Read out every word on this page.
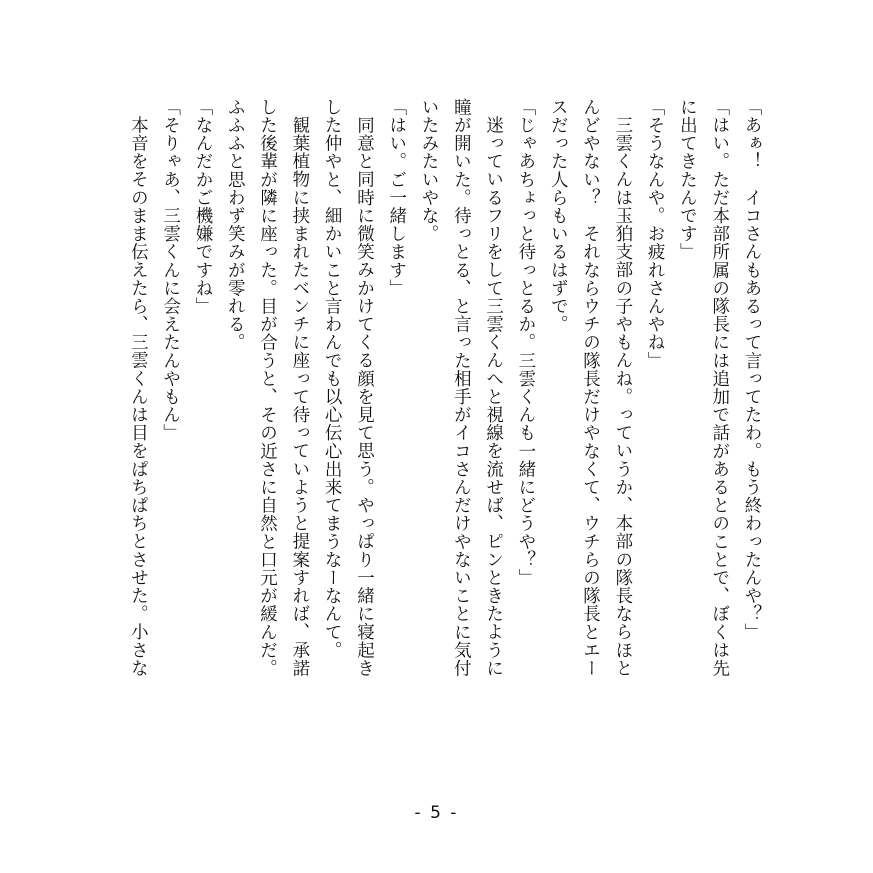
「あぁ！　イコさんもあるって言ってたわ。もう終わったんや？」
「はい。ただ本部所属の隊長には追加で話があるとのことで、ぼくは先
に出てきたんです」
「そうなんや。お疲れさんやね」
三雲くんは玉狛支部の子やもんね。っていうか、本部の隊長ならほと
んどやない？　それならウチの隊長だけやなくて、ウチらの隊長とエー
スだった人らもいるはずで。
「じゃあちょっと待っとるか。三雲くんも一緒にどうや？」
迷っているフリをして三雲くんへと視線を流せば、ピンときたように
瞳が開いた。待っとる、と言った相手がイコさんだけやないことに気付
いたみたいやな。
「はい。ご一緒します」
同意と同時に微笑みかけてくる顔を見て思う。やっぱり一緒に寝起き
した仲やと、細かいこと言わんでも以心伝心出来てまうなーなんて。
観葉植物に挟まれたベンチに座って待っていようと提案すれば、承諾
した後輩が隣に座った。目が合うと、その近さに自然と口元が緩んだ。
ふふふと思わず笑みが零れる。
「なんだかご機嫌ですね」
「そりゃあ、三雲くんに会えたんやもん」
本音をそのまま伝えたら、三雲くんは目をぱちぱちとさせた。小さな
- 5 -
